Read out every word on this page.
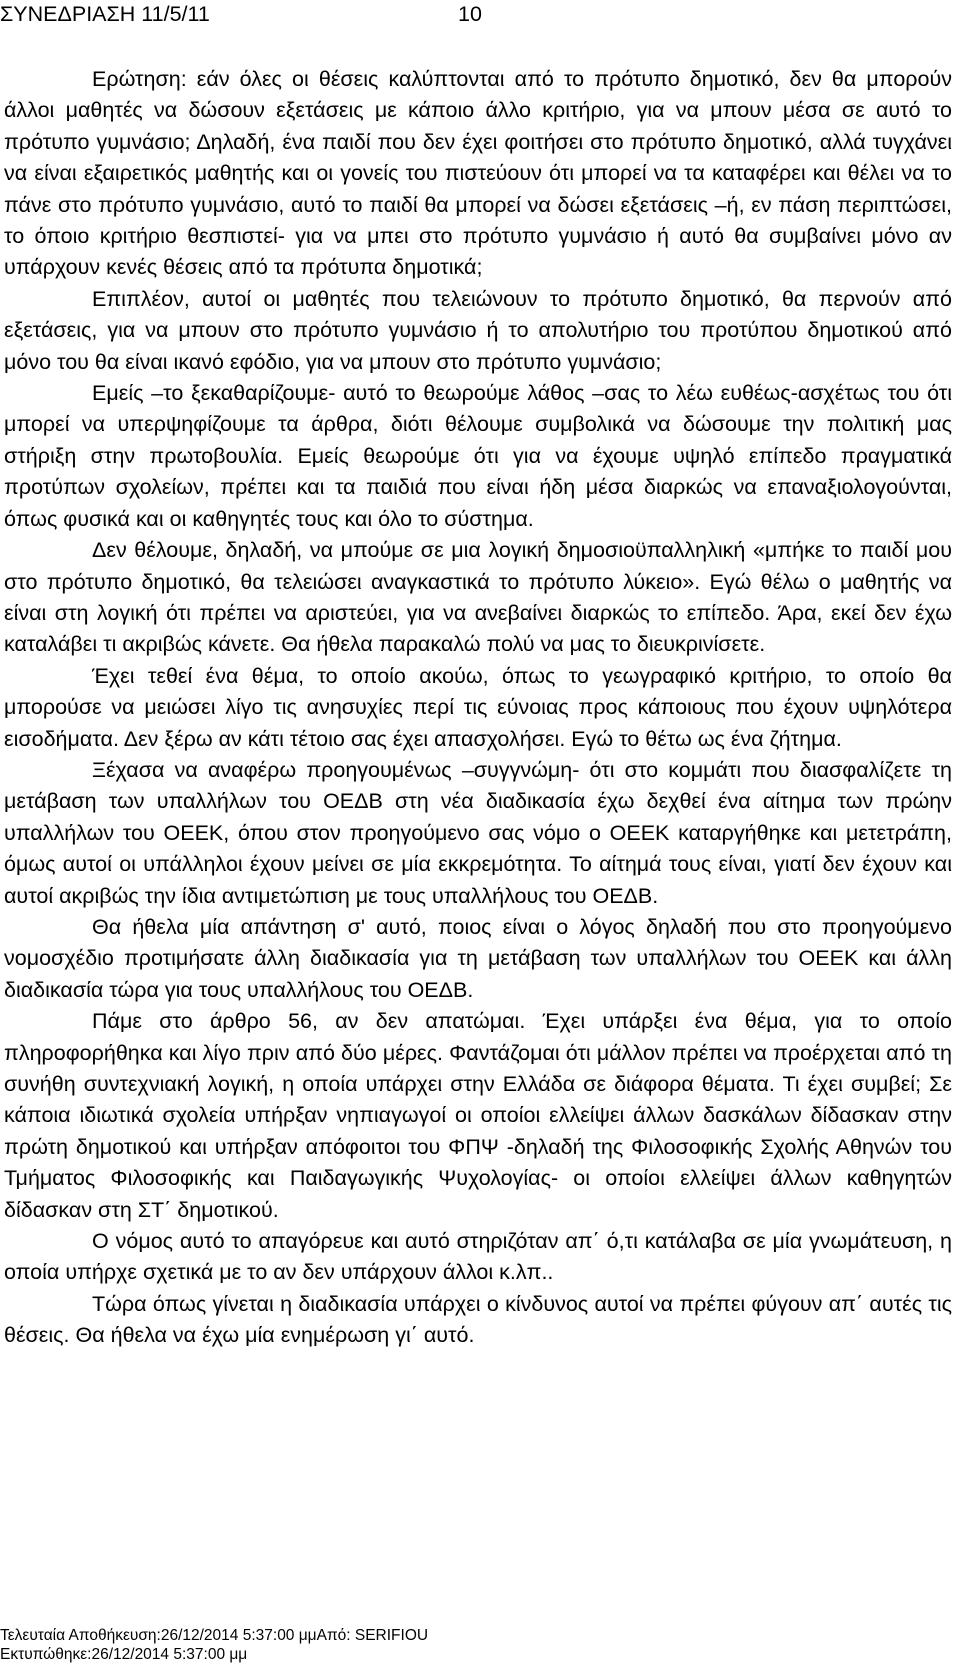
ΣΥΝΕΔΡΙΑΣΗ 11/5/11	10

Ερώτηση: εάν όλες οι θέσεις καλύπτονται από το πρότυπο δημοτικό, δεν θα μπορούν άλλοι μαθητές να δώσουν εξετάσεις με κάποιο άλλο κριτήριο, για να μπουν μέσα σε αυτό το πρότυπο γυμνάσιο; Δηλαδή, ένα παιδί που δεν έχει φοιτήσει στο πρότυπο δημοτικό, αλλά τυγχάνει να είναι εξαιρετικός μαθητής και οι γονείς του πιστεύουν ότι μπορεί να τα καταφέρει και θέλει να το πάνε στο πρότυπο γυμνάσιο, αυτό το παιδί θα μπορεί να δώσει εξετάσεις –ή, εν πάση περιπτώσει, το όποιο κριτήριο θεσπιστεί- για να μπει στο πρότυπο γυμνάσιο ή αυτό θα συμβαίνει μόνο αν υπάρχουν κενές θέσεις από τα πρότυπα δημοτικά;

Επιπλέον, αυτοί οι μαθητές που τελειώνουν το πρότυπο δημοτικό, θα περνούν από εξετάσεις, για να μπουν στο πρότυπο γυμνάσιο ή το απολυτήριο του προτύπου δημοτικού από μόνο του θα είναι ικανό εφόδιο, για να μπουν στο πρότυπο γυμνάσιο;

Εμείς –το ξεκαθαρίζουμε- αυτό το θεωρούμε λάθος –σας το λέω ευθέως-ασχέτως του ότι μπορεί να υπερψηφίζουμε τα άρθρα, διότι θέλουμε συμβολικά να δώσουμε την πολιτική μας στήριξη στην πρωτοβουλία. Εμείς θεωρούμε ότι για να έχουμε υψηλό επίπεδο πραγματικά προτύπων σχολείων, πρέπει και τα παιδιά που είναι ήδη μέσα διαρκώς να επαναξιολογούνται, όπως φυσικά και οι καθηγητές τους και όλο το σύστημα.

Δεν θέλουμε, δηλαδή, να μπούμε σε μια λογική δημοσιοϋπαλληλική «μπήκε το παιδί μου στο πρότυπο δημοτικό, θα τελειώσει αναγκαστικά το πρότυπο λύκειο». Εγώ θέλω ο μαθητής να είναι στη λογική ότι πρέπει να αριστεύει, για να ανεβαίνει διαρκώς το επίπεδο. Άρα, εκεί δεν έχω καταλάβει τι ακριβώς κάνετε. Θα ήθελα παρακαλώ πολύ να μας το διευκρινίσετε.

Έχει τεθεί ένα θέμα, το οποίο ακούω, όπως το γεωγραφικό κριτήριο, το οποίο θα μπορούσε να μειώσει λίγο τις ανησυχίες περί τις εύνοιας προς κάποιους που έχουν υψηλότερα εισοδήματα. Δεν ξέρω αν κάτι τέτοιο σας έχει απασχολήσει. Εγώ το θέτω ως ένα ζήτημα.

Ξέχασα να αναφέρω προηγουμένως –συγγνώμη- ότι στο κομμάτι που διασφαλίζετε τη μετάβαση των υπαλλήλων του ΟΕΔΒ στη νέα διαδικασία έχω δεχθεί ένα αίτημα των πρώην υπαλλήλων του ΟΕΕΚ, όπου στον προηγούμενο σας νόμο ο ΟΕΕΚ καταργήθηκε και μετετράπη, όμως αυτοί οι υπάλληλοι έχουν μείνει σε μία εκκρεμότητα. Το αίτημά τους είναι, γιατί δεν έχουν και αυτοί ακριβώς την ίδια αντιμετώπιση με τους υπαλλήλους του ΟΕΔΒ.

Θα ήθελα μία απάντηση σ' αυτό, ποιος είναι ο λόγος δηλαδή που στο προηγούμενο νομοσχέδιο προτιμήσατε άλλη διαδικασία για τη μετάβαση των υπαλλήλων του ΟΕΕΚ και άλλη διαδικασία τώρα για τους υπαλλήλους του ΟΕΔΒ.

Πάμε στο άρθρο 56, αν δεν απατώμαι. Έχει υπάρξει ένα θέμα, για το οποίο πληροφορήθηκα και λίγο πριν από δύο μέρες. Φαντάζομαι ότι μάλλον πρέπει να προέρχεται από τη συνήθη συντεχνιακή λογική, η οποία υπάρχει στην Ελλάδα σε διάφορα θέματα. Τι έχει συμβεί; Σε κάποια ιδιωτικά σχολεία υπήρξαν νηπιαγωγοί οι οποίοι ελλείψει άλλων δασκάλων δίδασκαν στην πρώτη δημοτικού και υπήρξαν απόφοιτοι του ΦΠΨ -δηλαδή της Φιλοσοφικής Σχολής Αθηνών του Τμήματος Φιλοσοφικής και Παιδαγωγικής Ψυχολογίας- οι οποίοι ελλείψει άλλων καθηγητών δίδασκαν στη ΣΤ΄ δημοτικού.

Ο νόμος αυτό το απαγόρευε και αυτό στηριζόταν απ΄ ό,τι κατάλαβα σε μία γνωμάτευση, η οποία υπήρχε σχετικά με το αν δεν υπάρχουν άλλοι κ.λπ..

Τώρα όπως γίνεται η διαδικασία υπάρχει ο κίνδυνος αυτοί να πρέπει φύγουν απ΄ αυτές τις θέσεις. Θα ήθελα να έχω μία ενημέρωση γι΄ αυτό.

Τελευταία Αποθήκευση:26/12/2014 5:37:00 μμΑπό: SERIFIOU
Εκτυπώθηκε:26/12/2014 5:37:00 μμ
